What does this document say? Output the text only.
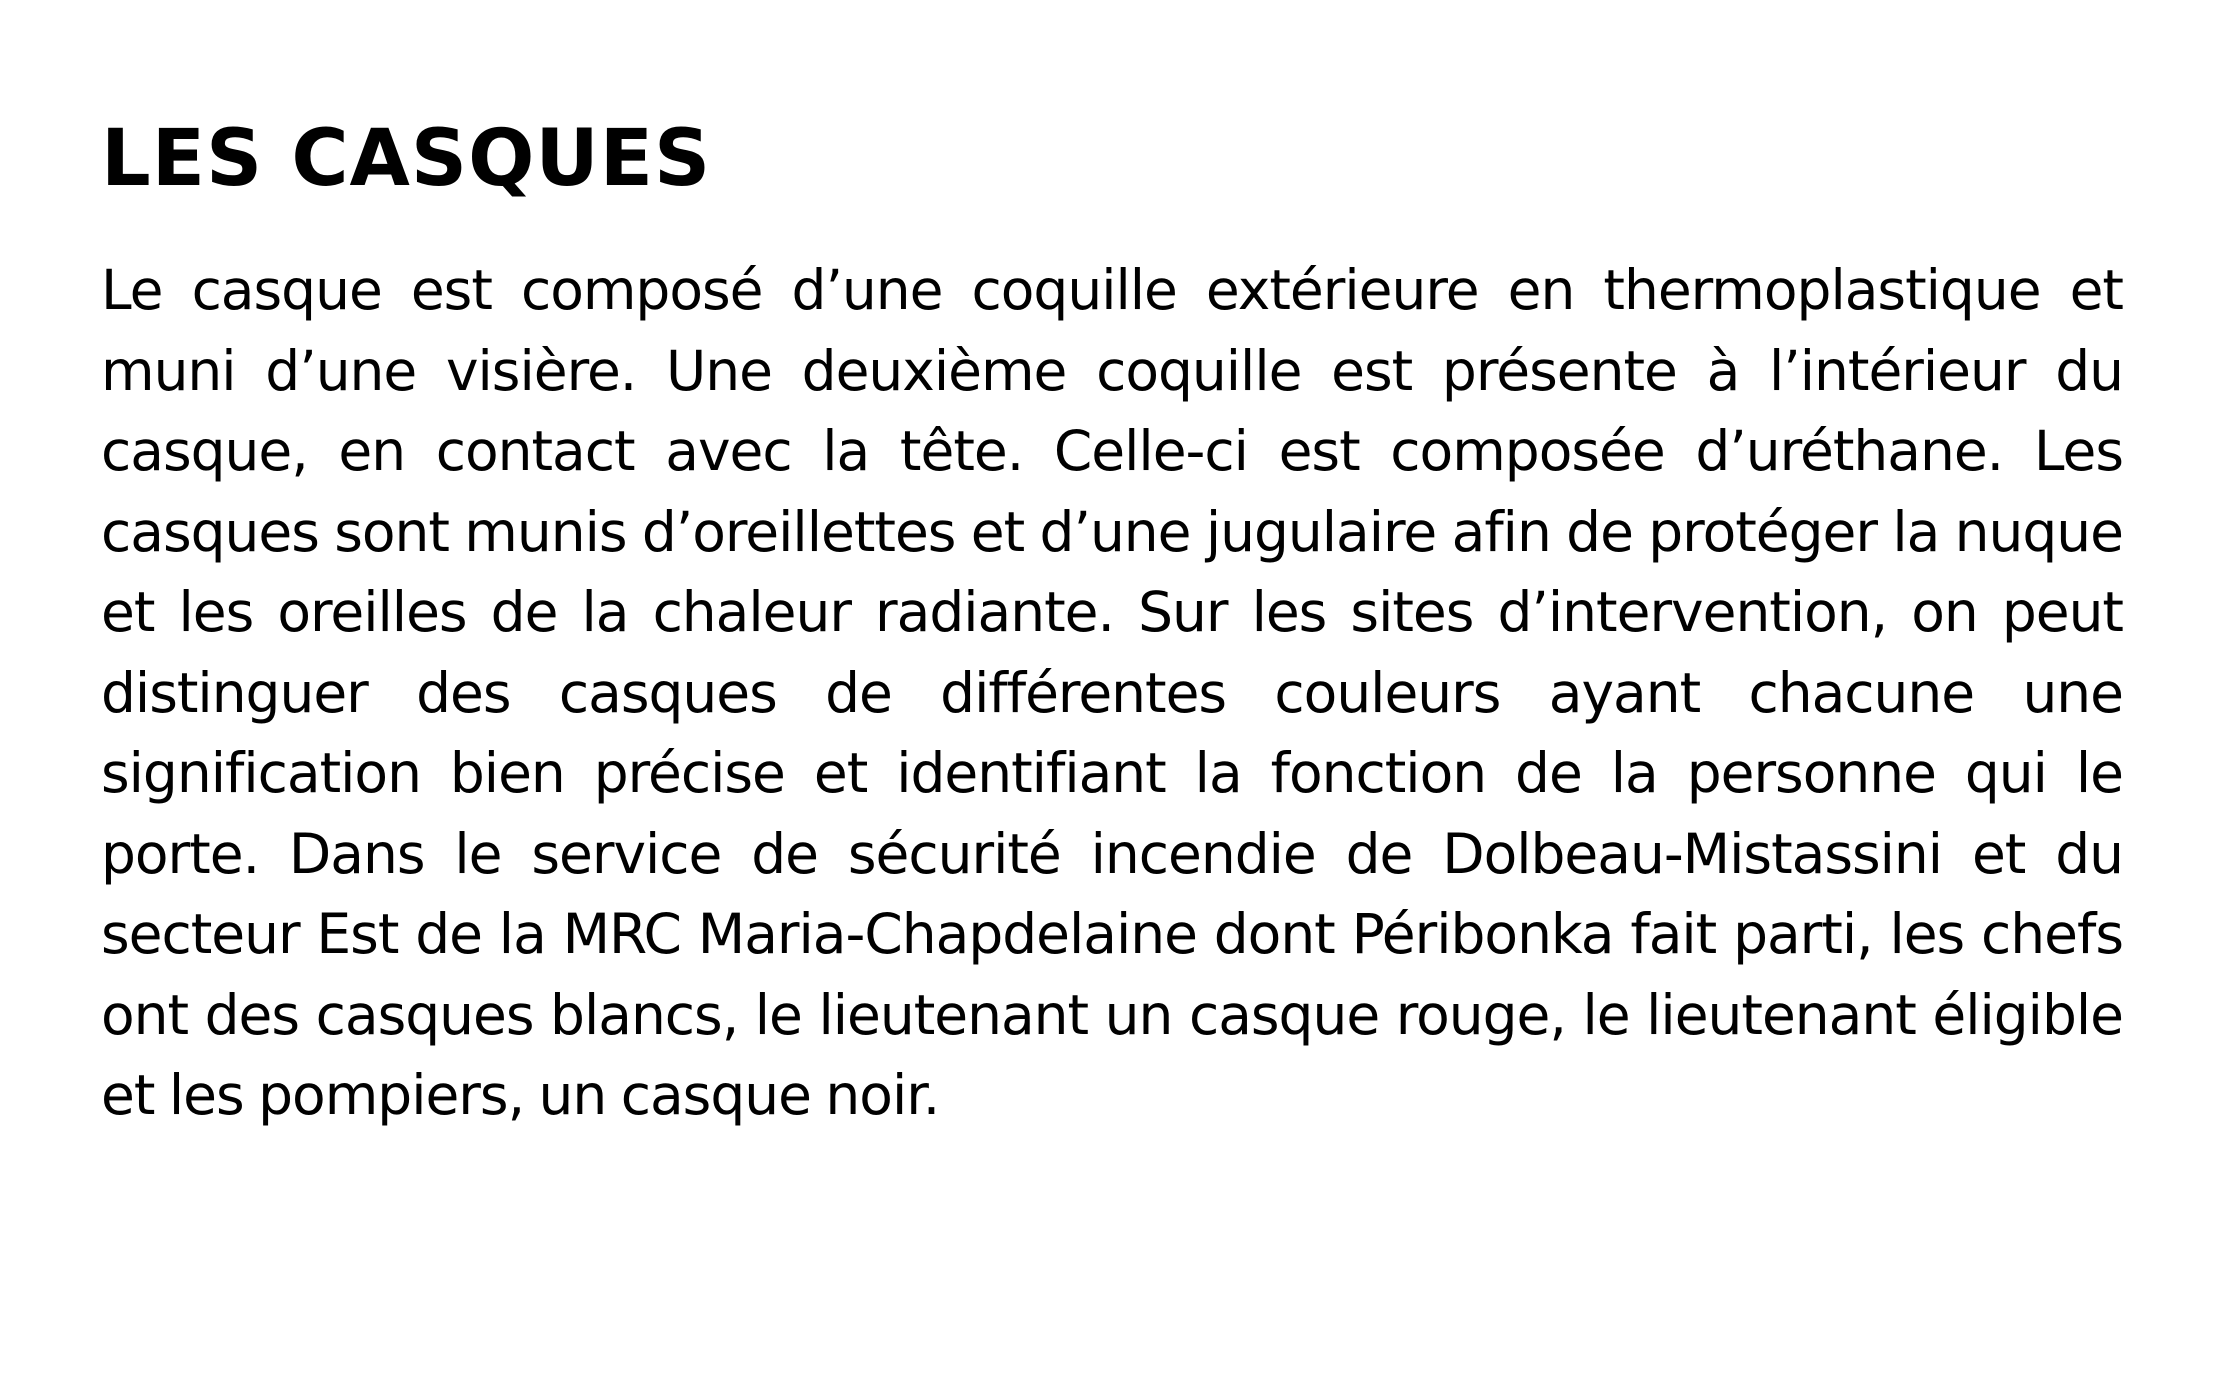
LES CASQUES

Le casque est composé d’une coquille extérieure en thermoplastique et muni d’une visière. Une deuxième coquille est présente à l’intérieur du casque, en contact avec la tête. Celle-ci est composée d’uréthane. Les casques sont munis d’oreillettes et d’une jugulaire afin de protéger la nuque et les oreilles de la chaleur radiante. Sur les sites d’intervention, on peut distinguer des casques de différentes couleurs ayant chacune une signification bien précise et identifiant la fonction de la personne qui le porte. Dans le service de sécurité incendie de Dolbeau-Mistassini et du secteur Est de la MRC Maria-Chapdelaine dont Péribonka fait parti, les chefs ont des casques blancs, le lieutenant un casque rouge, le lieutenant éligible et les pompiers, un casque noir.
